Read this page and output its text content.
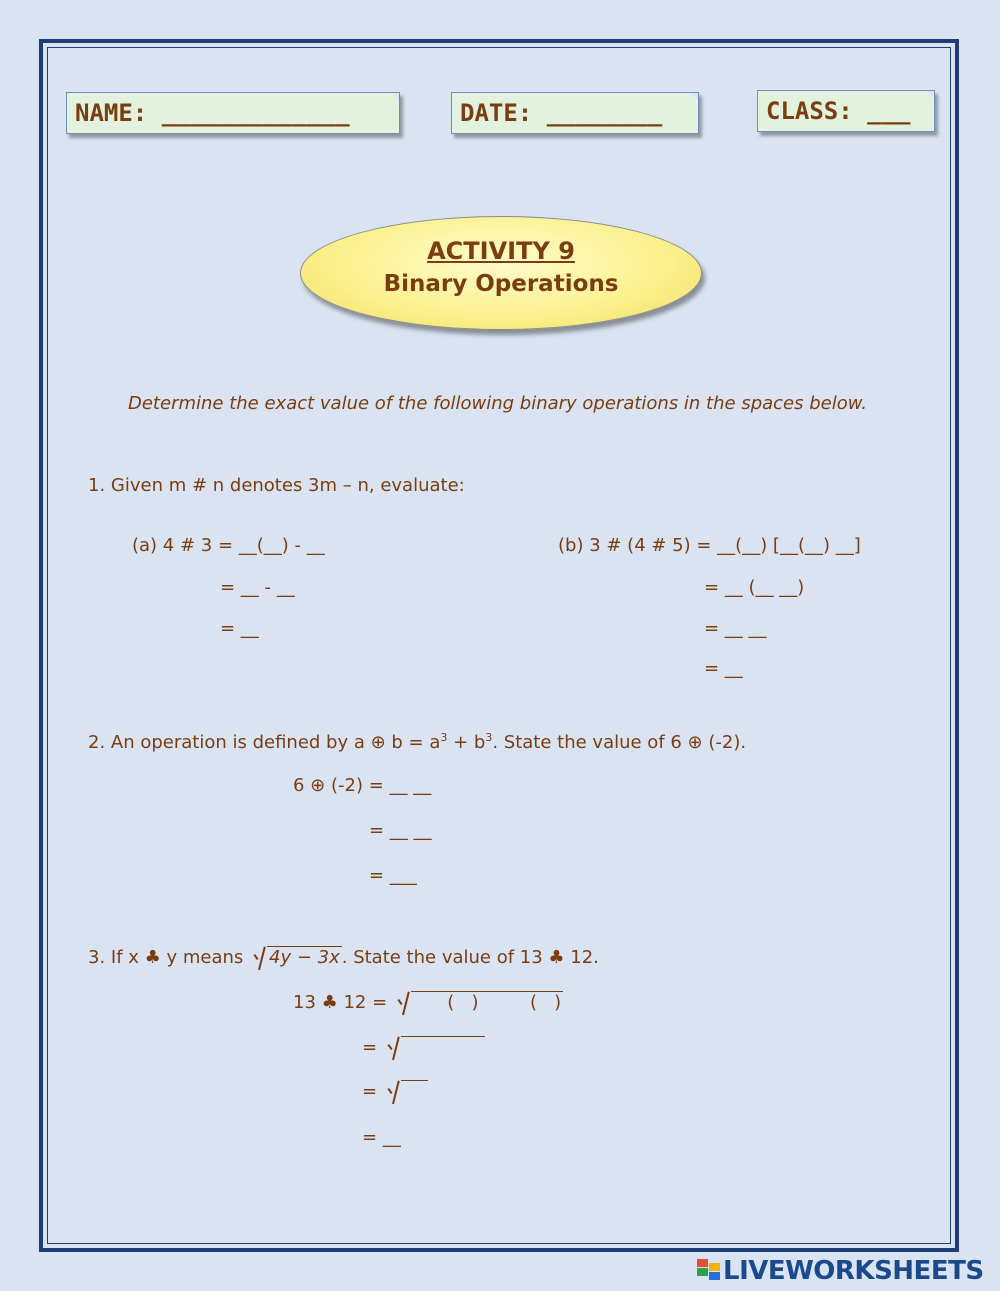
NAME: _____________	DATE: ________	CLASS: ___
ACTIVITY 9
Binary Operations
Determine the exact value of the following binary operations in the spaces below.
1. Given m # n denotes 3m – n, evaluate:
(a) 4 # 3 = __(__) - __
= __ - __
= __
(b) 3 # (4 # 5) = __(__) [__(__) __]
= __ (__ __)
= __ __
= __
2. An operation is defined by a ⊕ $b = a^3 + b^3$. State the value of 6 ⊕ (-2).
6 ⊕ (-2) = __ __
= __ __
= ___
3. If x ♣ y means 4y − 3x . State the value of 13 ♣ 12.
13 ♣ 12 =       (   )         (   )
=
=
= __
LIVEWORKSHEETS
